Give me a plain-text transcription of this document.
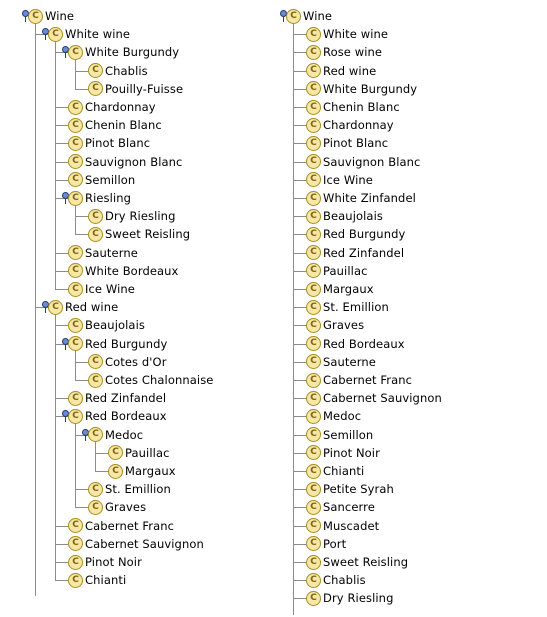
C Wine
C White wine
C White Burgundy
C Chablis
C Pouilly-Fuisse
C Chardonnay
C Chenin Blanc
C Pinot Blanc
C Sauvignon Blanc
C Semillon
C Riesling
C Dry Riesling
C Sweet Reisling
C Sauterne
C White Bordeaux
C Ice Wine
C Red wine
C Beaujolais
C Red Burgundy
C Cotes d'Or
C Cotes Chalonnaise
C Red Zinfandel
C Red Bordeaux
C Medoc
C Pauillac
C Margaux
C St. Emillion
C Graves
C Cabernet Franc
C Cabernet Sauvignon
C Pinot Noir
C Chianti
C Wine
C White wine
C Rose wine
C Red wine
C White Burgundy
C Chenin Blanc
C Chardonnay
C Pinot Blanc
C Sauvignon Blanc
C Ice Wine
C White Zinfandel
C Beaujolais
C Red Burgundy
C Red Zinfandel
C Pauillac
C Margaux
C St. Emillion
C Graves
C Red Bordeaux
C Sauterne
C Cabernet Franc
C Cabernet Sauvignon
C Medoc
C Semillon
C Pinot Noir
C Chianti
C Petite Syrah
C Sancerre
C Muscadet
C Port
C Sweet Reisling
C Chablis
C Dry Riesling
